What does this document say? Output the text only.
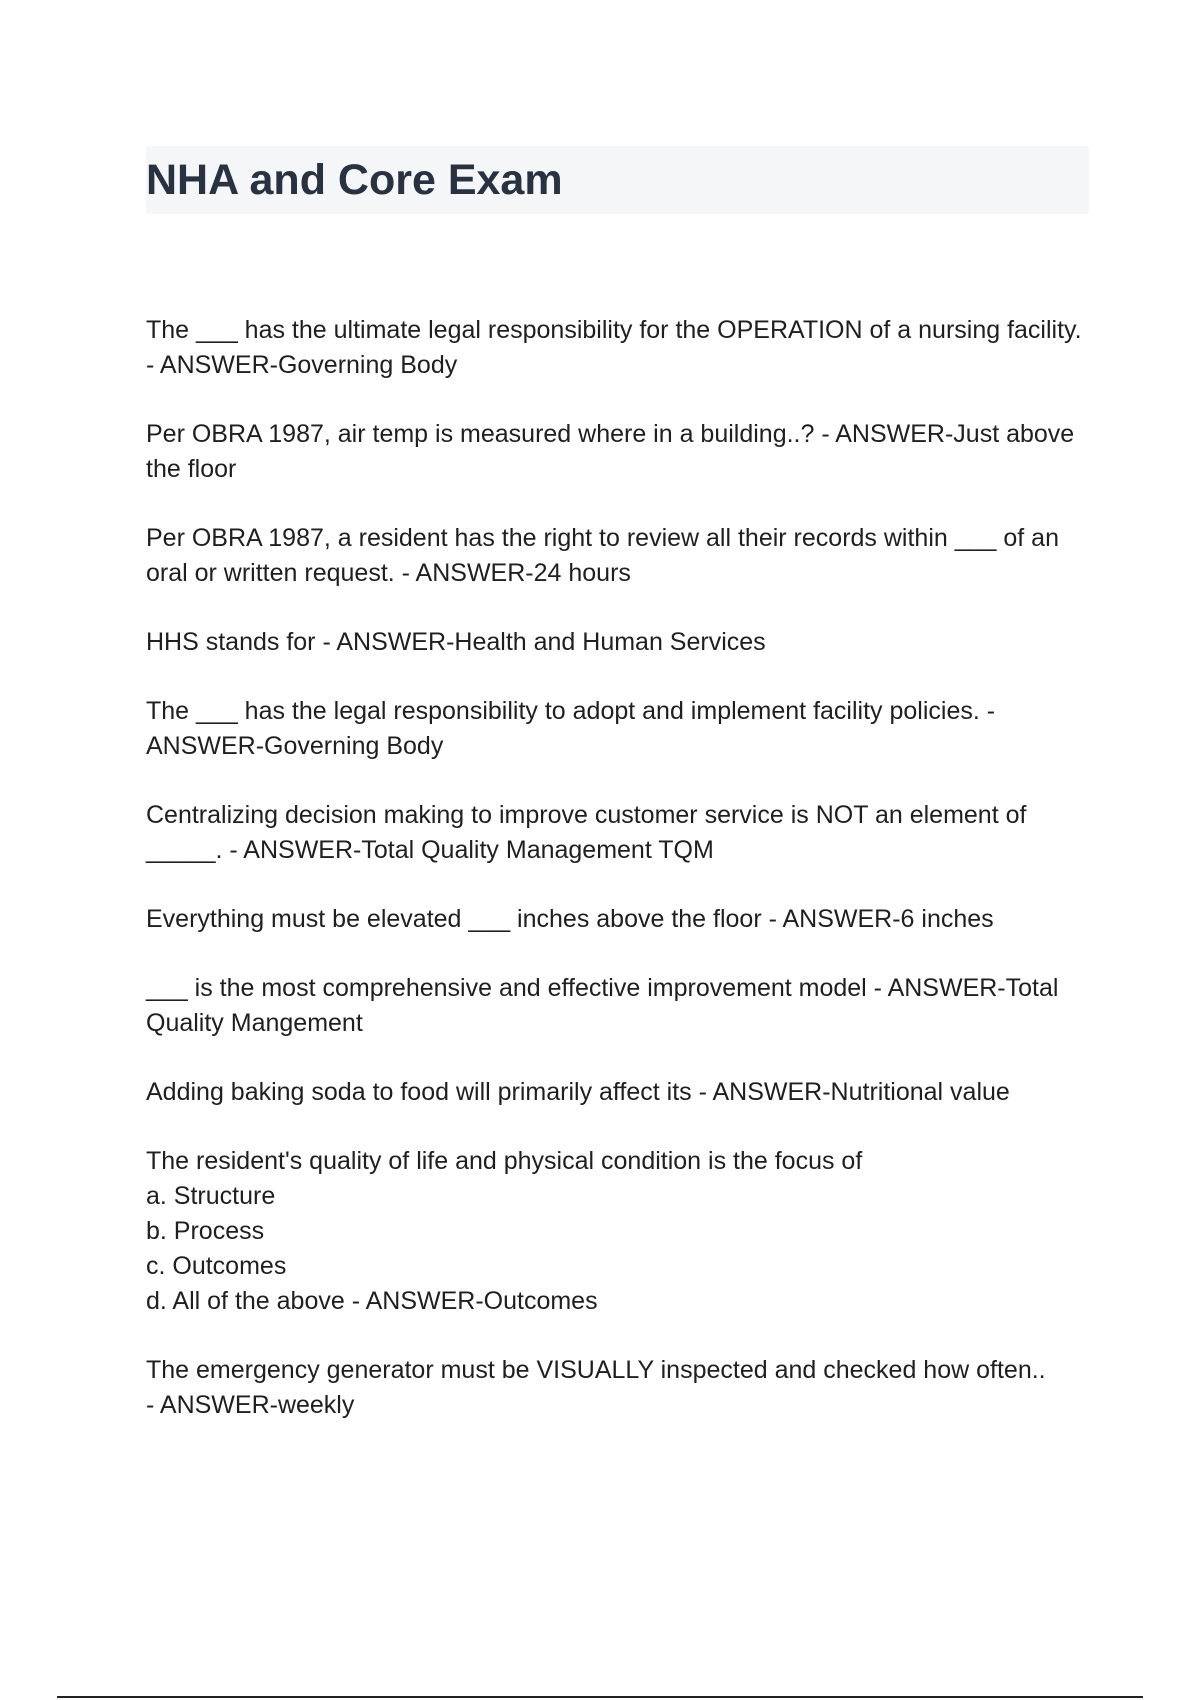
NHA and Core Exam

The ___ has the ultimate legal responsibility for the OPERATION of a nursing facility. - ANSWER-Governing Body

Per OBRA 1987, air temp is measured where in a building..? - ANSWER-Just above the floor

Per OBRA 1987, a resident has the right to review all their records within ___ of an oral or written request. - ANSWER-24 hours

HHS stands for - ANSWER-Health and Human Services

The ___ has the legal responsibility to adopt and implement facility policies. - ANSWER-Governing Body

Centralizing decision making to improve customer service is NOT an element of _____. - ANSWER-Total Quality Management TQM

Everything must be elevated ___ inches above the floor - ANSWER-6 inches

___ is the most comprehensive and effective improvement model - ANSWER-Total Quality Mangement

Adding baking soda to food will primarily affect its - ANSWER-Nutritional value

The resident's quality of life and physical condition is the focus of
a. Structure
b. Process
c. Outcomes
d. All of the above - ANSWER-Outcomes

The emergency generator must be VISUALLY inspected and checked how often..
- ANSWER-weekly
